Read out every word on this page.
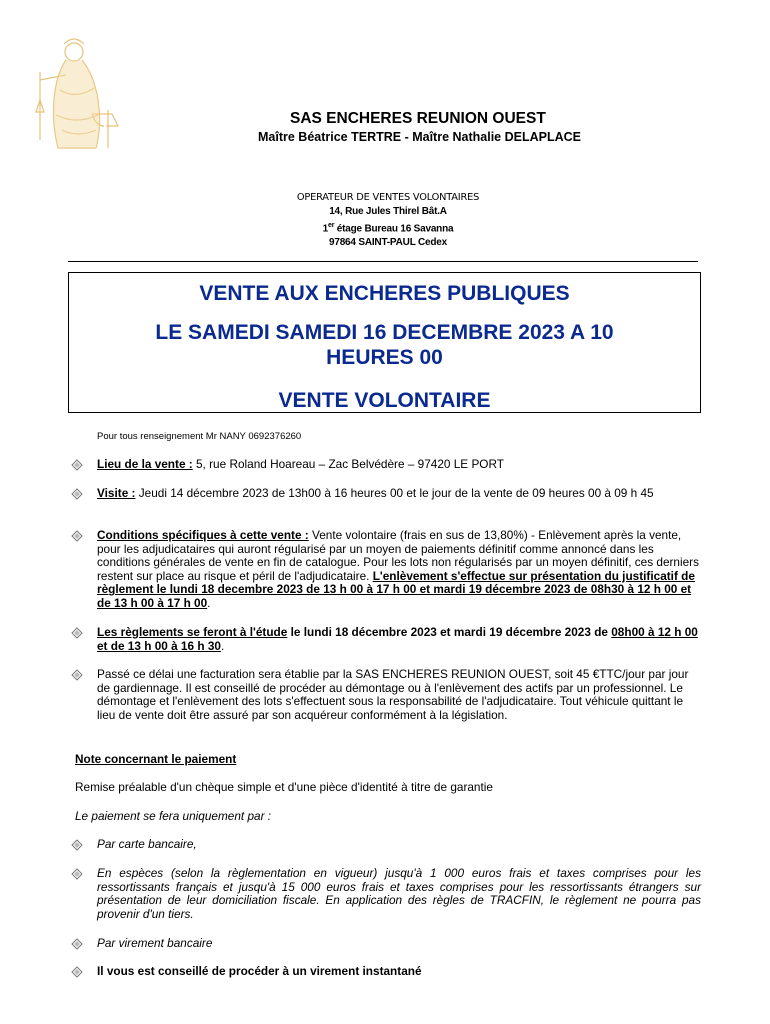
SAS ENCHERES REUNION OUEST
Maître Béatrice TERTRE - Maître Nathalie DELAPLACE
OPERATEUR DE VENTES VOLONTAIRES
14, Rue Jules Thirel Bât.A
1er étage Bureau 16 Savanna
97864 SAINT-PAUL Cedex
VENTE AUX ENCHERES PUBLIQUES
LE SAMEDI SAMEDI 16 DECEMBRE 2023 A 10
HEURES 00
VENTE VOLONTAIRE
Pour tous renseignement Mr NANY 0692376260
Lieu de la vente : 5, rue Roland Hoareau – Zac Belvédère – 97420 LE PORT
Visite : Jeudi 14 décembre 2023 de 13h00 à 16 heures 00 et le jour de la vente de 09 heures 00 à 09 h 45
Conditions spécifiques à cette vente : Vente volontaire (frais en sus de 13,80%) - Enlèvement après la vente, pour les adjudicataires qui auront régularisé par un moyen de paiements définitif comme annoncé dans les conditions générales de vente en fin de catalogue. Pour les lots non régularisés par un moyen définitif, ces derniers restent sur place au risque et péril de l'adjudicataire. L'enlèvement s'effectue sur présentation du justificatif de règlement le lundi 18 decembre 2023 de 13 h 00 à 17 h 00 et mardi 19 décembre 2023 de 08h30 à 12 h 00 et de 13 h 00 à 17 h 00.
Les règlements se feront à l'étude le lundi 18 décembre 2023 et mardi 19 décembre 2023 de 08h00 à 12 h 00 et de 13 h 00 à 16 h 30.
Passé ce délai une facturation sera établie par la SAS ENCHERES REUNION OUEST, soit 45 €TTC/jour par jour de gardiennage. Il est conseillé de procéder au démontage ou à l'enlèvement des actifs par un professionnel. Le démontage et l'enlèvement des lots s'effectuent sous la responsabilité de l'adjudicataire. Tout véhicule quittant le lieu de vente doit être assuré par son acquéreur conformément à la législation.
Note concernant le paiement
Remise préalable d'un chèque simple et d'une pièce d'identité à titre de garantie
Le paiement se fera uniquement par :
Par carte bancaire,
En espèces (selon la règlementation en vigueur) jusqu'à 1 000 euros frais et taxes comprises pour les ressortissants français et jusqu'à 15 000 euros frais et taxes comprises pour les ressortissants étrangers sur présentation de leur domiciliation fiscale. En application des règles de TRACFIN, le règlement ne pourra pas provenir d'un tiers.
Par virement bancaire
Il vous est conseillé de procéder à un virement instantané
